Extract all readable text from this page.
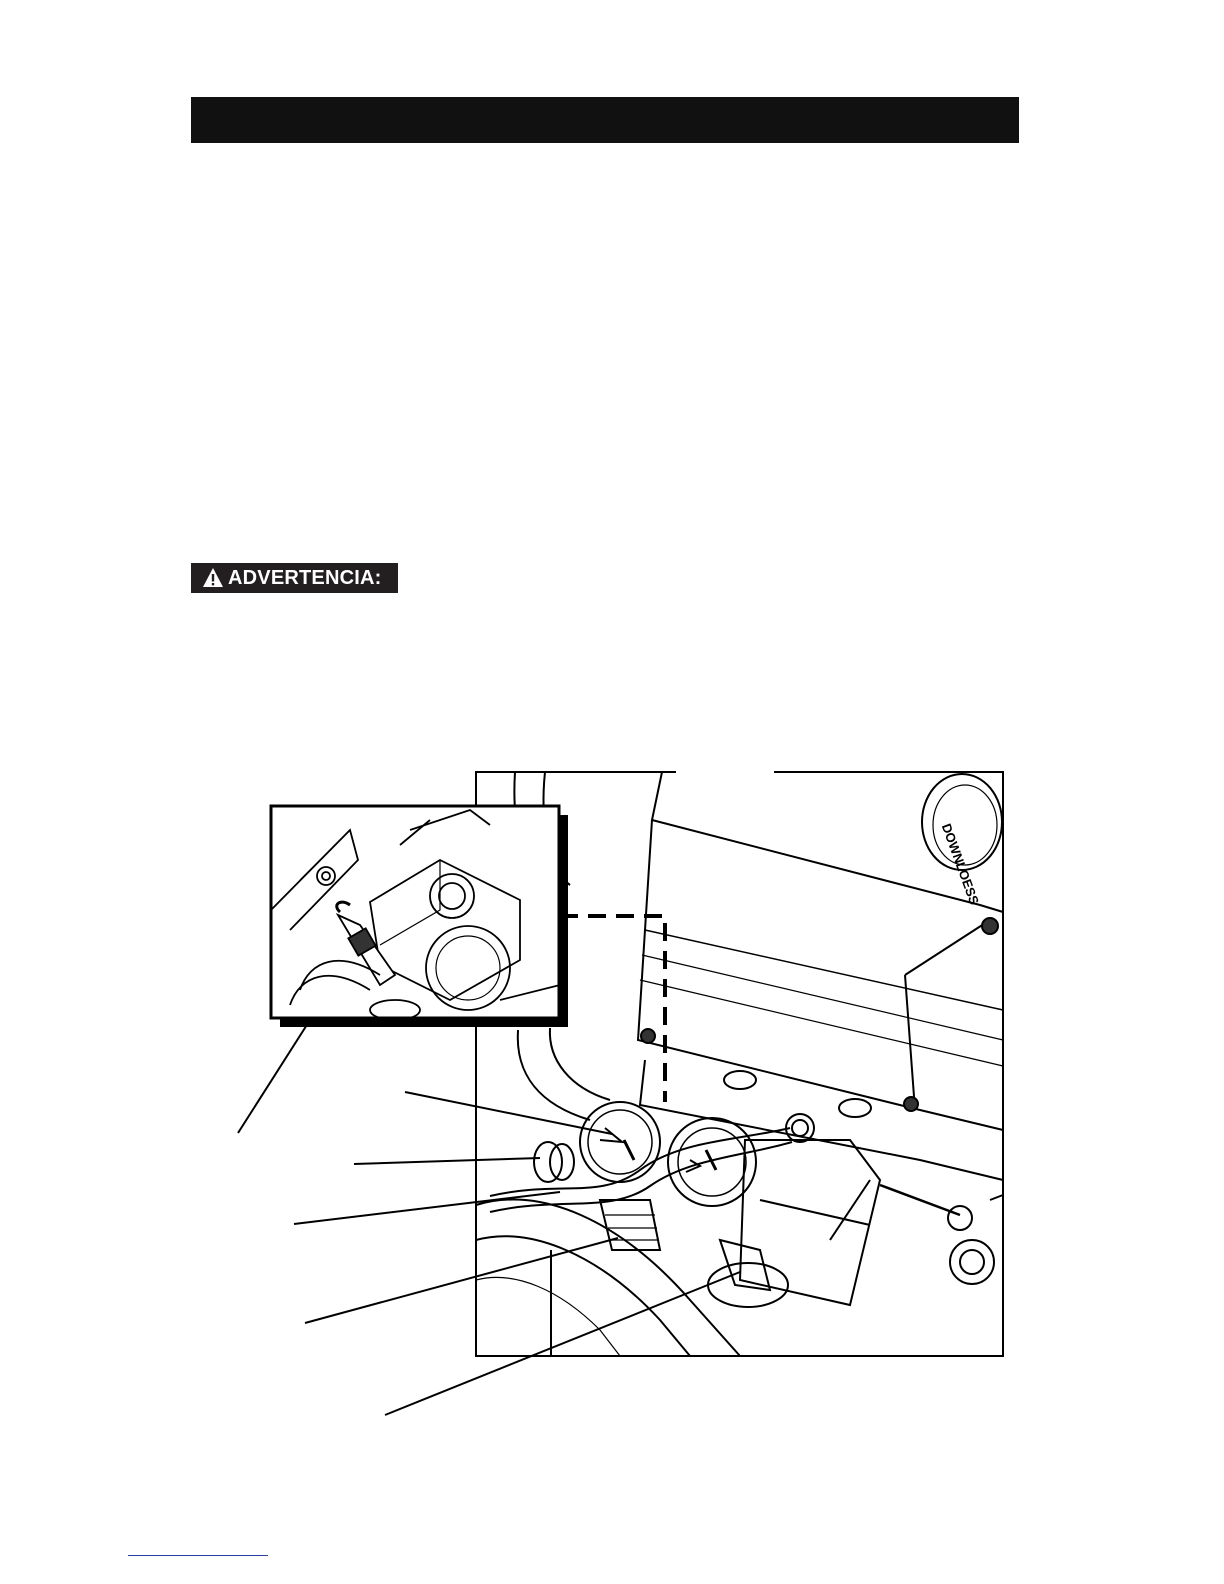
ADVERTENCIA:
DOWNLOESS
